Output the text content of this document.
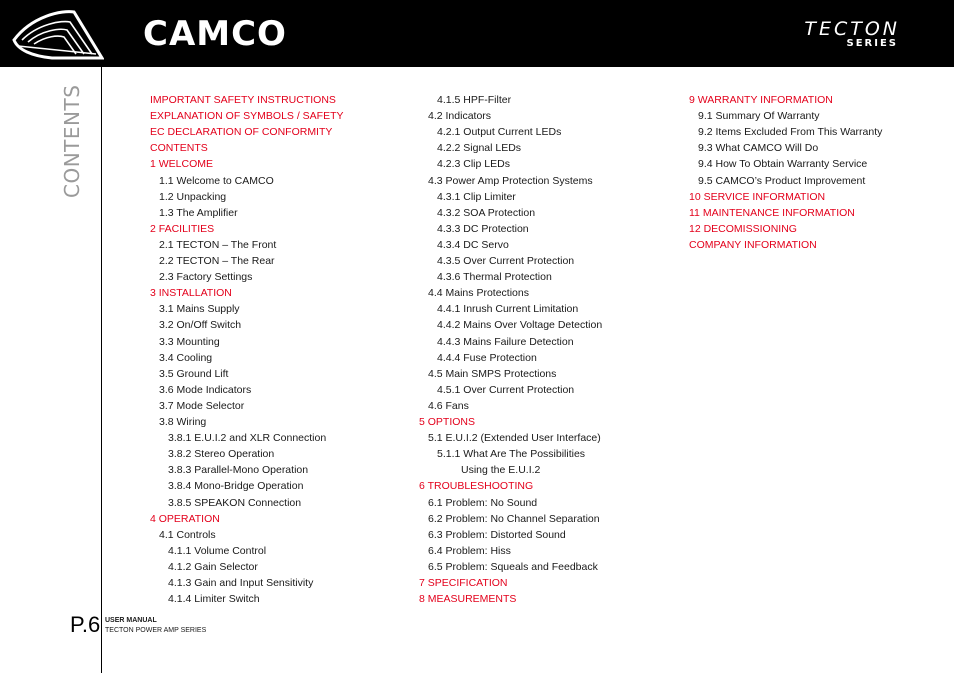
CAMCO	TECTON
SERIES
CONTENTS
P.6 USER MANUAL
TECTON POWER AMP SERIES
IMPORTANT SAFETY INSTRUCTIONS
EXPLANATION OF SYMBOLS / SAFETY
EC DECLARATION OF CONFORMITY
CONTENTS
1 WELCOME
1.1 Welcome to CAMCO
1.2 Unpacking
1.3 The Amplifier
2 FACILITIES
2.1 TECTON – The Front
2.2 TECTON – The Rear
2.3 Factory Settings
3 INSTALLATION
3.1 Mains Supply
3.2 On/Off Switch
3.3 Mounting
3.4 Cooling
3.5 Ground Lift
3.6 Mode Indicators
3.7 Mode Selector
3.8 Wiring
3.8.1 E.U.I.2 and XLR Connection
3.8.2 Stereo Operation
3.8.3 Parallel-Mono Operation
3.8.4 Mono-Bridge Operation
3.8.5 SPEAKON Connection
4 OPERATION
4.1 Controls
4.1.1 Volume Control
4.1.2 Gain Selector
4.1.3 Gain and Input Sensitivity
4.1.4 Limiter Switch
4.1.5 HPF-Filter
4.2 Indicators
4.2.1 Output Current LEDs
4.2.2 Signal LEDs
4.2.3 Clip LEDs
4.3 Power Amp Protection Systems
4.3.1 Clip Limiter
4.3.2 SOA Protection
4.3.3 DC Protection
4.3.4 DC Servo
4.3.5 Over Current Protection
4.3.6 Thermal Protection
4.4 Mains Protections
4.4.1 Inrush Current Limitation
4.4.2 Mains Over Voltage Detection
4.4.3 Mains Failure Detection
4.4.4 Fuse Protection
4.5 Main SMPS Protections
4.5.1 Over Current Protection
4.6 Fans
5 OPTIONS
5.1 E.U.I.2 (Extended User Interface)
5.1.1 What Are The Possibilities
Using the E.U.I.2
6 TROUBLESHOOTING
6.1 Problem: No Sound
6.2 Problem: No Channel Separation
6.3 Problem: Distorted Sound
6.4 Problem: Hiss
6.5 Problem: Squeals and Feedback
7 SPECIFICATION
8 MEASUREMENTS
9 WARRANTY INFORMATION
9.1 Summary Of Warranty
9.2 Items Excluded From This Warranty
9.3 What CAMCO Will Do
9.4 How To Obtain Warranty Service
9.5 CAMCO’s Product Improvement
10 SERVICE INFORMATION
11 MAINTENANCE INFORMATION
12 DECOMISSIONING
COMPANY INFORMATION
